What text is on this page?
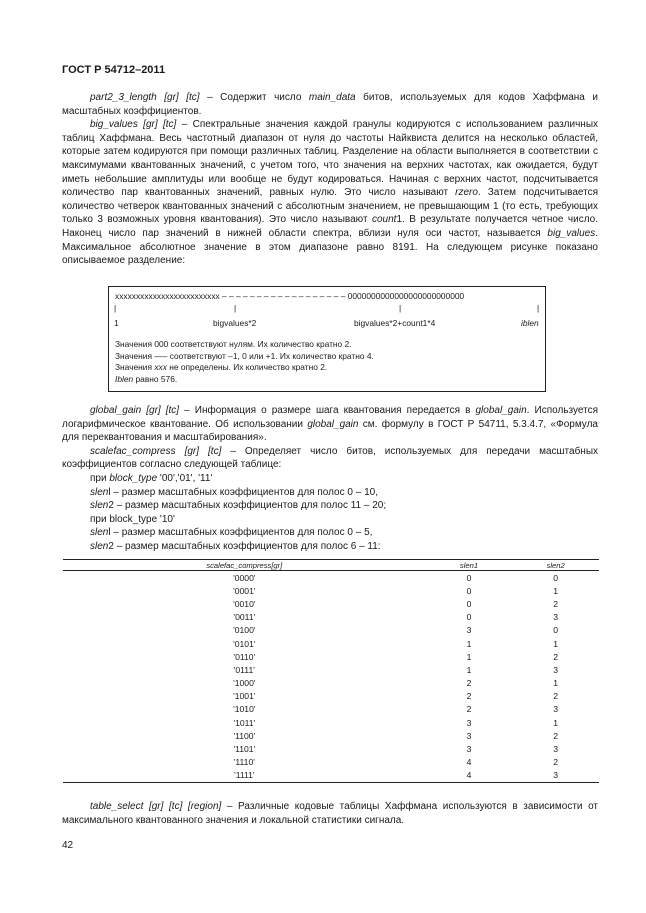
ГОСТ Р 54712–2011

part2_3_length [gr] [tc] – Содержит число main_data битов, используемых для кодов Хаффмана и масштабных коэффициентов.

big_values [gr] [tc] – Спектральные значения каждой гранулы кодируются с использованием различных таблиц Хаффмана. Весь частотный диапазон от нуля до частоты Найквиста делится на несколько областей, которые затем кодируются при помощи различных таблиц. Разделение на области выполняется в соответствии с максимумами квантованных значений, с учетом того, что значения на верхних частотах, как ожидается, будут иметь небольшие амплитуды или вообще не будут кодироваться. Начиная с верхних частот, подсчитывается количество пар квантованных значений, равных нулю. Это число называют rzero. Затем подсчитывается количество четверок квантованных значений с абсолютным значением, не превышающим 1 (то есть, требующих только 3 возможных уровня квантования). Это число называют count1. В результате получается четное число. Наконец число пар значений в нижней области спектра, вблизи нуля оси частот, называется big_values. Максимальное абсолютное значение в этом диапазоне равно 8191. На следующем рисунке показано описываемое разделение:

xxxxxxxxxxxxxxxxxxxxxxxxx – – – – – – – – – – – – – – – – – – 0000000000000000000000000
|	|	|	|
1	bigvalues*2	bigvalues*2+count1*4	iblen
Значения 000 соответствуют нулям. Их количество кратно 2.
Значения —– соответствуют –1, 0 или +1. Их количество кратно 4.
Значения xxx не определены. Их количество кратно 2.
Iblen равно 576.

global_gain [gr] [tc] – Информация о размере шага квантования передается в global_gain. Используется логарифмическое квантование. Об использовании global_gain см. формулу в ГОСТ Р 54711, 5.3.4.7, «Формула для переквантования и масштабирования».

scalefac_compress [gr] [tc] – Определяет число битов, используемых для передачи масштабных коэффициентов согласно следующей таблице:

при block_type '00','01', '11'

slenl – размер масштабных коэффициентов для полос 0 – 10,

slen2 – размер масштабных коэффициентов для полос 11 – 20;

при block_type '10'

slenl – размер масштабных коэффициентов для полос 0 – 5,

slen2 – размер масштабных коэффициентов для полос 6 – 11:

scalefac_compress[gr]	slen1	slen2
'0000'	0	0
'0001'	0	1
'0010'	0	2
'0011'	0	3
'0100'	3	0
'0101'	1	1
'0110'	1	2
'0111'	1	3
'1000'	2	1
'1001'	2	2
'1010'	2	3
'1011'	3	1
'1100'	3	2
'1101'	3	3
'1110'	4	2
'1111'	4	3

table_select [gr] [tc] [region] – Различные кодовые таблицы Хаффмана используются в зависимости от максимального квантованного значения и локальной статистики сигнала.

42
